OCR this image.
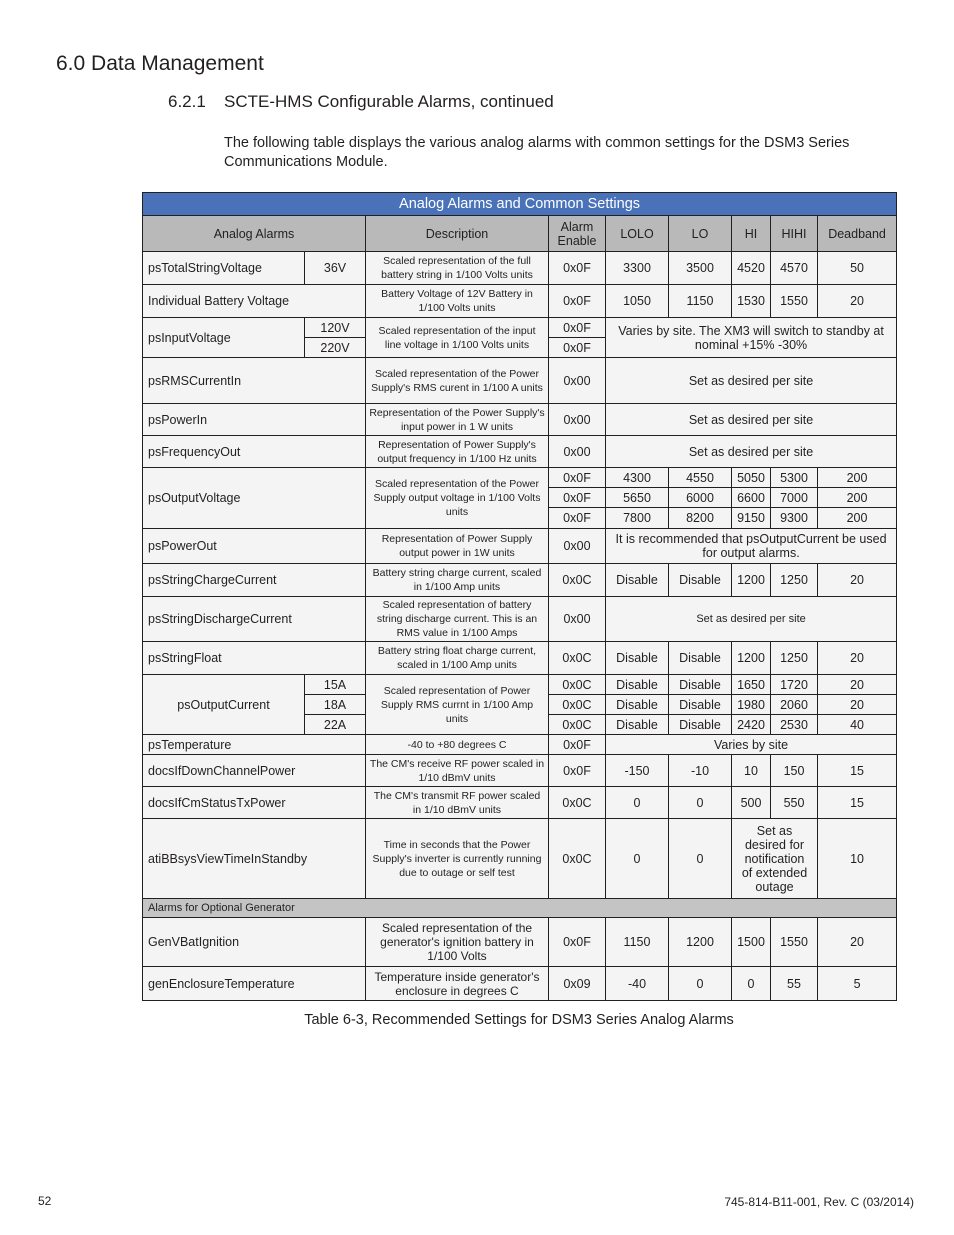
6.0 Data Management
6.2.1 SCTE-HMS Configurable Alarms, continued

The following table displays the various analog alarms with common settings for the DSM3 Series Communications Module.

Analog Alarms and Common Settings								
Analog Alarms		Description	Alarm Enable	LOLO	LO	HI	HIHI	Deadband
psTotalStringVoltage	36V	Scaled representation of the full battery string in 1/100 Volts units	0x0F	3300	3500	4520	4570	50
Individual Battery Voltage		Battery Voltage of 12V Battery in 1/100 Volts units	0x0F	1050	1150	1530	1550	20
psInputVoltage	120V	Scaled representation of the input line voltage in 1/100 Volts units	0x0F	Varies by site. The XM3 will switch to standby at nominal +15% -30%				
	220V		0x0F					
psRMSCurrentIn		Scaled representation of the Power Supply's RMS curent in 1/100 A units	0x00	Set as desired per site				
psPowerIn		Representation of the Power Supply's input power in 1 W units	0x00	Set as desired per site				
psFrequencyOut		Representation of Power Supply's output frequency in 1/100 Hz units	0x00	Set as desired per site				
psOutputVoltage		Scaled representation of the Power Supply output voltage in 1/100 Volts units	0x0F	4300	4550	5050	5300	200
			0x0F	5650	6000	6600	7000	200
			0x0F	7800	8200	9150	9300	200
psPowerOut		Representation of Power Supply output power in 1W units	0x00	It is recommended that psOutputCurrent be used for output alarms.				
psStringChargeCurrent		Battery string charge current, scaled in 1/100 Amp units	0x0C	Disable	Disable	1200	1250	20
psStringDischargeCurrent		Scaled representation of battery string discharge current. This is an RMS value in 1/100 Amps	0x00	Set as desired per site				
psStringFloat		Battery string float charge current, scaled in 1/100 Amp units	0x0C	Disable	Disable	1200	1250	20
psOutputCurrent	15A	Scaled representation of Power Supply RMS currnt in 1/100 Amp units	0x0C	Disable	Disable	1650	1720	20
	18A		0x0C	Disable	Disable	1980	2060	20
	22A		0x0C	Disable	Disable	2420	2530	40
psTemperature		-40 to +80 degrees C	0x0F	Varies by site				
docsIfDownChannelPower		The CM's receive RF power scaled in 1/10 dBmV units	0x0F	-150	-10	10	150	15
docsIfCmStatusTxPower		The CM's transmit RF power scaled in 1/10 dBmV units	0x0C	0	0	500	550	15
atiBBsysViewTimeInStandby		Time in seconds that the Power Supply's inverter is currently running due to outage or self test	0x0C	0	0	Set as desired for notification of extended outage		10
Alarms for Optional Generator								
GenVBatIgnition		Scaled representation of the generator's ignition battery in 1/100 Volts	0x0F	1150	1200	1500	1550	20
genEnclosureTemperature		Temperature inside generator's enclosure in degrees C	0x09	-40	0	0	55	5

Table 6-3, Recommended Settings for DSM3 Series Analog Alarms

52	745-814-B11-001, Rev. C (03/2014)
